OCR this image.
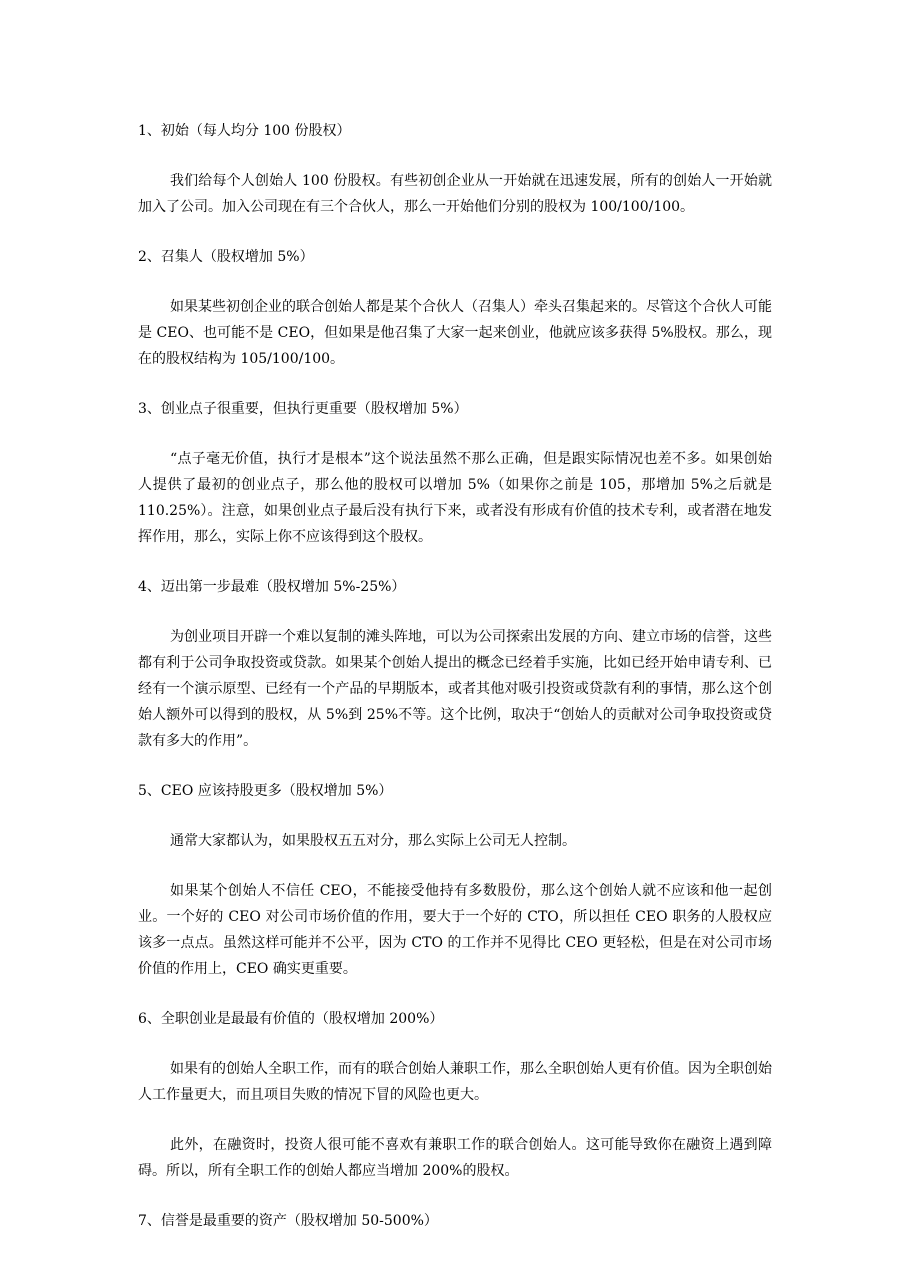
1、初始（每人均分 100 份股权）

我们给每个人创始人 100 份股权。有些初创企业从一开始就在迅速发展，所有的创始人一开始就加入了公司。加入公司现在有三个合伙人，那么一开始他们分别的股权为 100/100/100。

2、召集人（股权增加 5%）

如果某些初创企业的联合创始人都是某个合伙人（召集人）牵头召集起来的。尽管这个合伙人可能是 CEO、也可能不是 CEO，但如果是他召集了大家一起来创业，他就应该多获得 5%股权。那么，现在的股权结构为 105/100/100。

3、创业点子很重要，但执行更重要（股权增加 5%）

“点子毫无价值，执行才是根本”这个说法虽然不那么正确，但是跟实际情况也差不多。如果创始人提供了最初的创业点子，那么他的股权可以增加 5%（如果你之前是 105，那增加 5%之后就是 110.25%）。注意，如果创业点子最后没有执行下来，或者没有形成有价值的技术专利，或者潜在地发挥作用，那么，实际上你不应该得到这个股权。

4、迈出第一步最难（股权增加 5%-25%）

为创业项目开辟一个难以复制的滩头阵地，可以为公司探索出发展的方向、建立市场的信誉，这些都有利于公司争取投资或贷款。如果某个创始人提出的概念已经着手实施，比如已经开始申请专利、已经有一个演示原型、已经有一个产品的早期版本，或者其他对吸引投资或贷款有利的事情，那么这个创始人额外可以得到的股权，从 5%到 25%不等。这个比例，取决于“创始人的贡献对公司争取投资或贷款有多大的作用”。

5、CEO 应该持股更多（股权增加 5%）

通常大家都认为，如果股权五五对分，那么实际上公司无人控制。

如果某个创始人不信任 CEO，不能接受他持有多数股份，那么这个创始人就不应该和他一起创业。一个好的 CEO 对公司市场价值的作用，要大于一个好的 CTO，所以担任 CEO 职务的人股权应该多一点点。虽然这样可能并不公平，因为 CTO 的工作并不见得比 CEO 更轻松，但是在对公司市场价值的作用上，CEO 确实更重要。

6、全职创业是最最有价值的（股权增加 200%）

如果有的创始人全职工作，而有的联合创始人兼职工作，那么全职创始人更有价值。因为全职创始人工作量更大，而且项目失败的情况下冒的风险也更大。

此外，在融资时，投资人很可能不喜欢有兼职工作的联合创始人。这可能导致你在融资上遇到障碍。所以，所有全职工作的创始人都应当增加 200%的股权。

7、信誉是最重要的资产（股权增加 50-500%）
